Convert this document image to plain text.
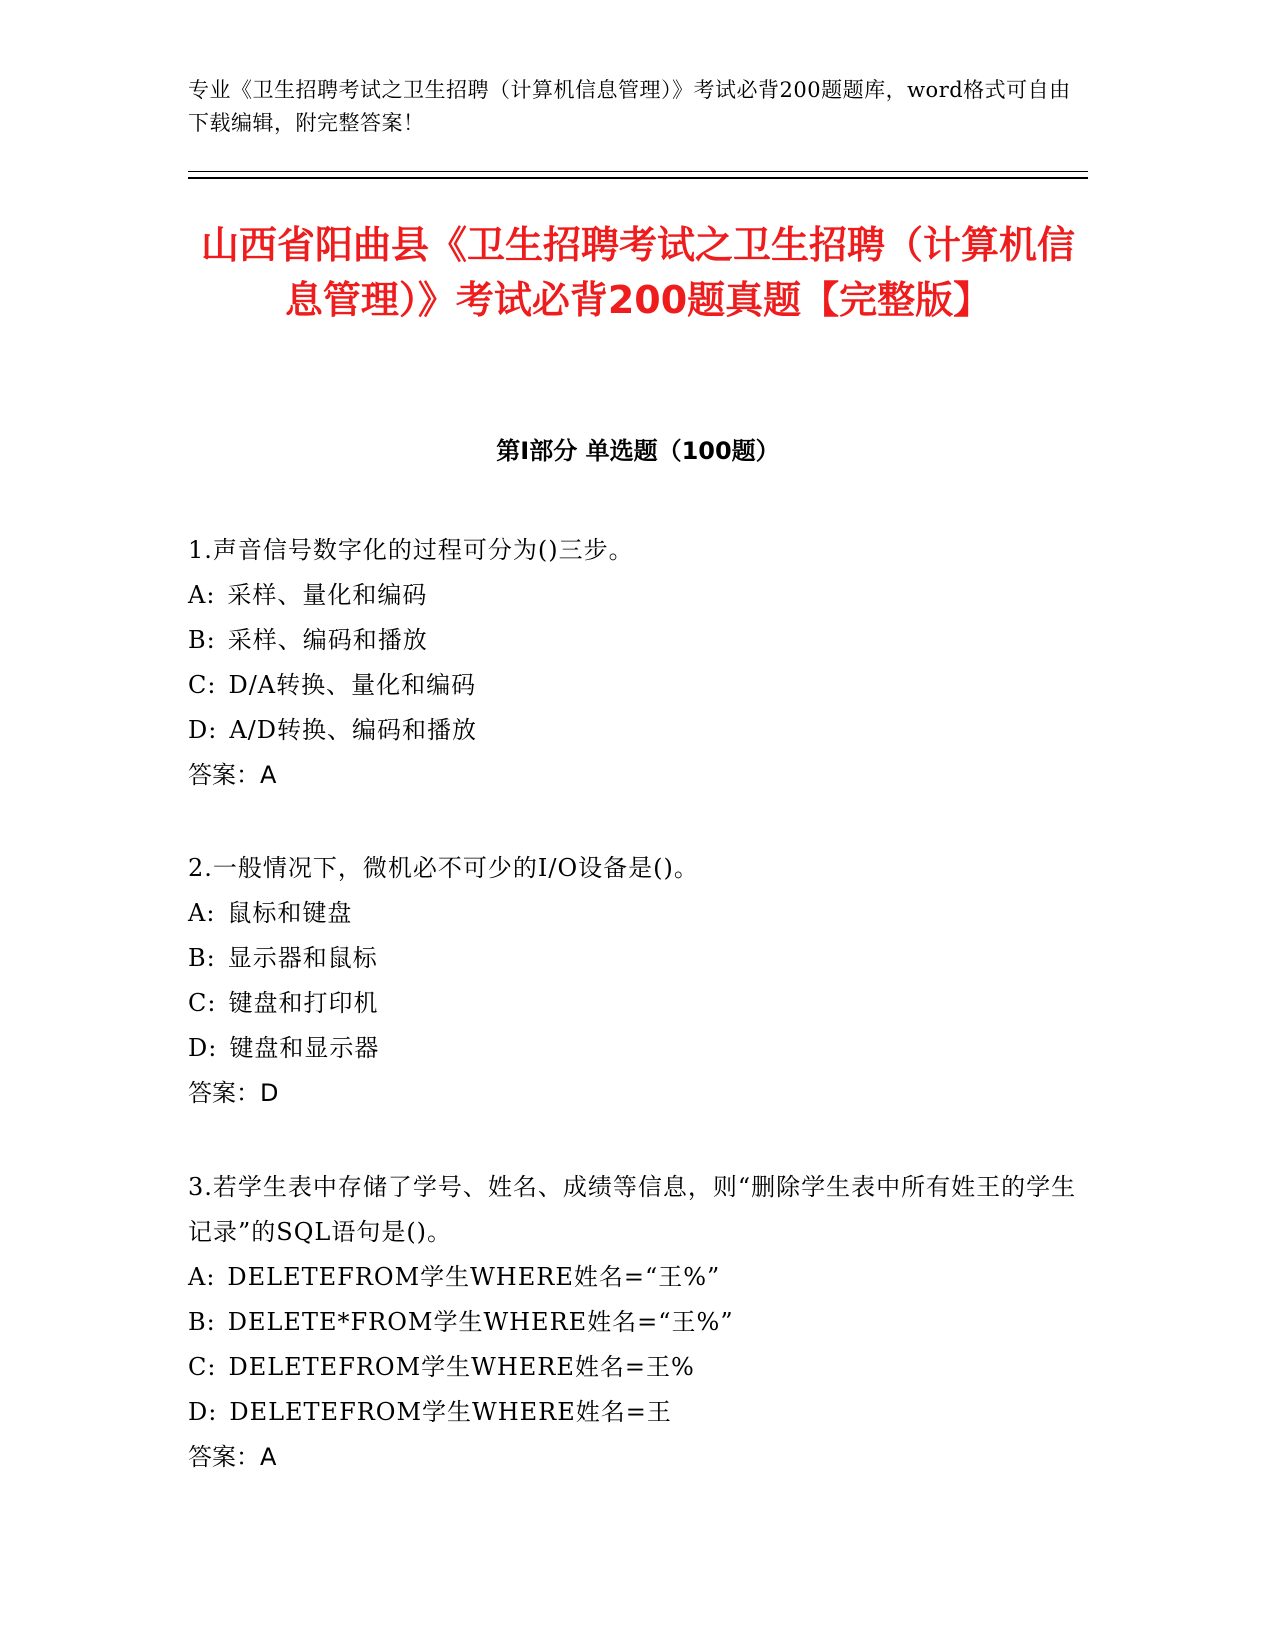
专业《卫生招聘考试之卫生招聘（计算机信息管理）》考试必背200题题库，word格式可自由下载编辑，附完整答案！
山西省阳曲县《卫生招聘考试之卫生招聘（计算机信息管理）》考试必背200题真题【完整版】
第Ⅰ部分 单选题（100题）
1.声音信号数字化的过程可分为()三步。
A: 采样、量化和编码
B: 采样、编码和播放
C: D/A转换、量化和编码
D: A/D转换、编码和播放
答案：A
2.一般情况下，微机必不可少的I/O设备是()。
A: 鼠标和键盘
B: 显示器和鼠标
C: 键盘和打印机
D: 键盘和显示器
答案：D
3.若学生表中存储了学号、姓名、成绩等信息，则“删除学生表中所有姓王的学生记录”的SQL语句是()。
A: DELETEFROM学生WHERE姓名=“王%”
B: DELETE*FROM学生WHERE姓名=“王%”
C: DELETEFROM学生WHERE姓名=王%
D: DELETEFROM学生WHERE姓名=王
答案：A
